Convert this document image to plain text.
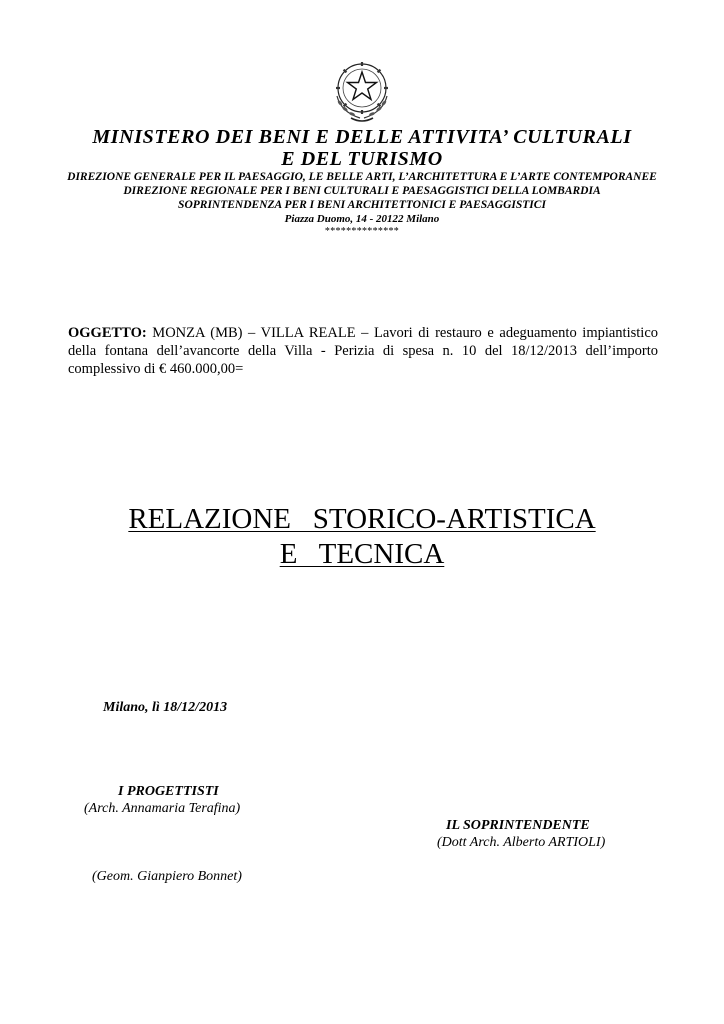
MINISTERO DEI BENI E DELLE ATTIVITA’ CULTURALI

E DEL TURISMO

DIREZIONE GENERALE PER IL PAESAGGIO, LE BELLE ARTI, L’ARCHITETTURA E L’ARTE CONTEMPORANEE

DIREZIONE REGIONALE PER I BENI CULTURALI E PAESAGGISTICI DELLA LOMBARDIA

SOPRINTENDENZA PER I BENI ARCHITETTONICI E PAESAGGISTICI

Piazza Duomo, 14 - 20122 Milano

**************
OGGETTO: MONZA (MB) – VILLA REALE – Lavori di restauro e adeguamento impiantistico della fontana dell’avancorte della Villa - Perizia di spesa n. 10 del 18/12/2013 dell’importo complessivo di € 460.000,00=
RELAZIONE   STORICO-ARTISTICA
E   TECNICA
Milano, lì 18/12/2013
I PROGETTISTI
(Arch. Annamaria Terafina)
IL SOPRINTENDENTE
(Dott Arch. Alberto ARTIOLI)
(Geom. Gianpiero Bonnet)
